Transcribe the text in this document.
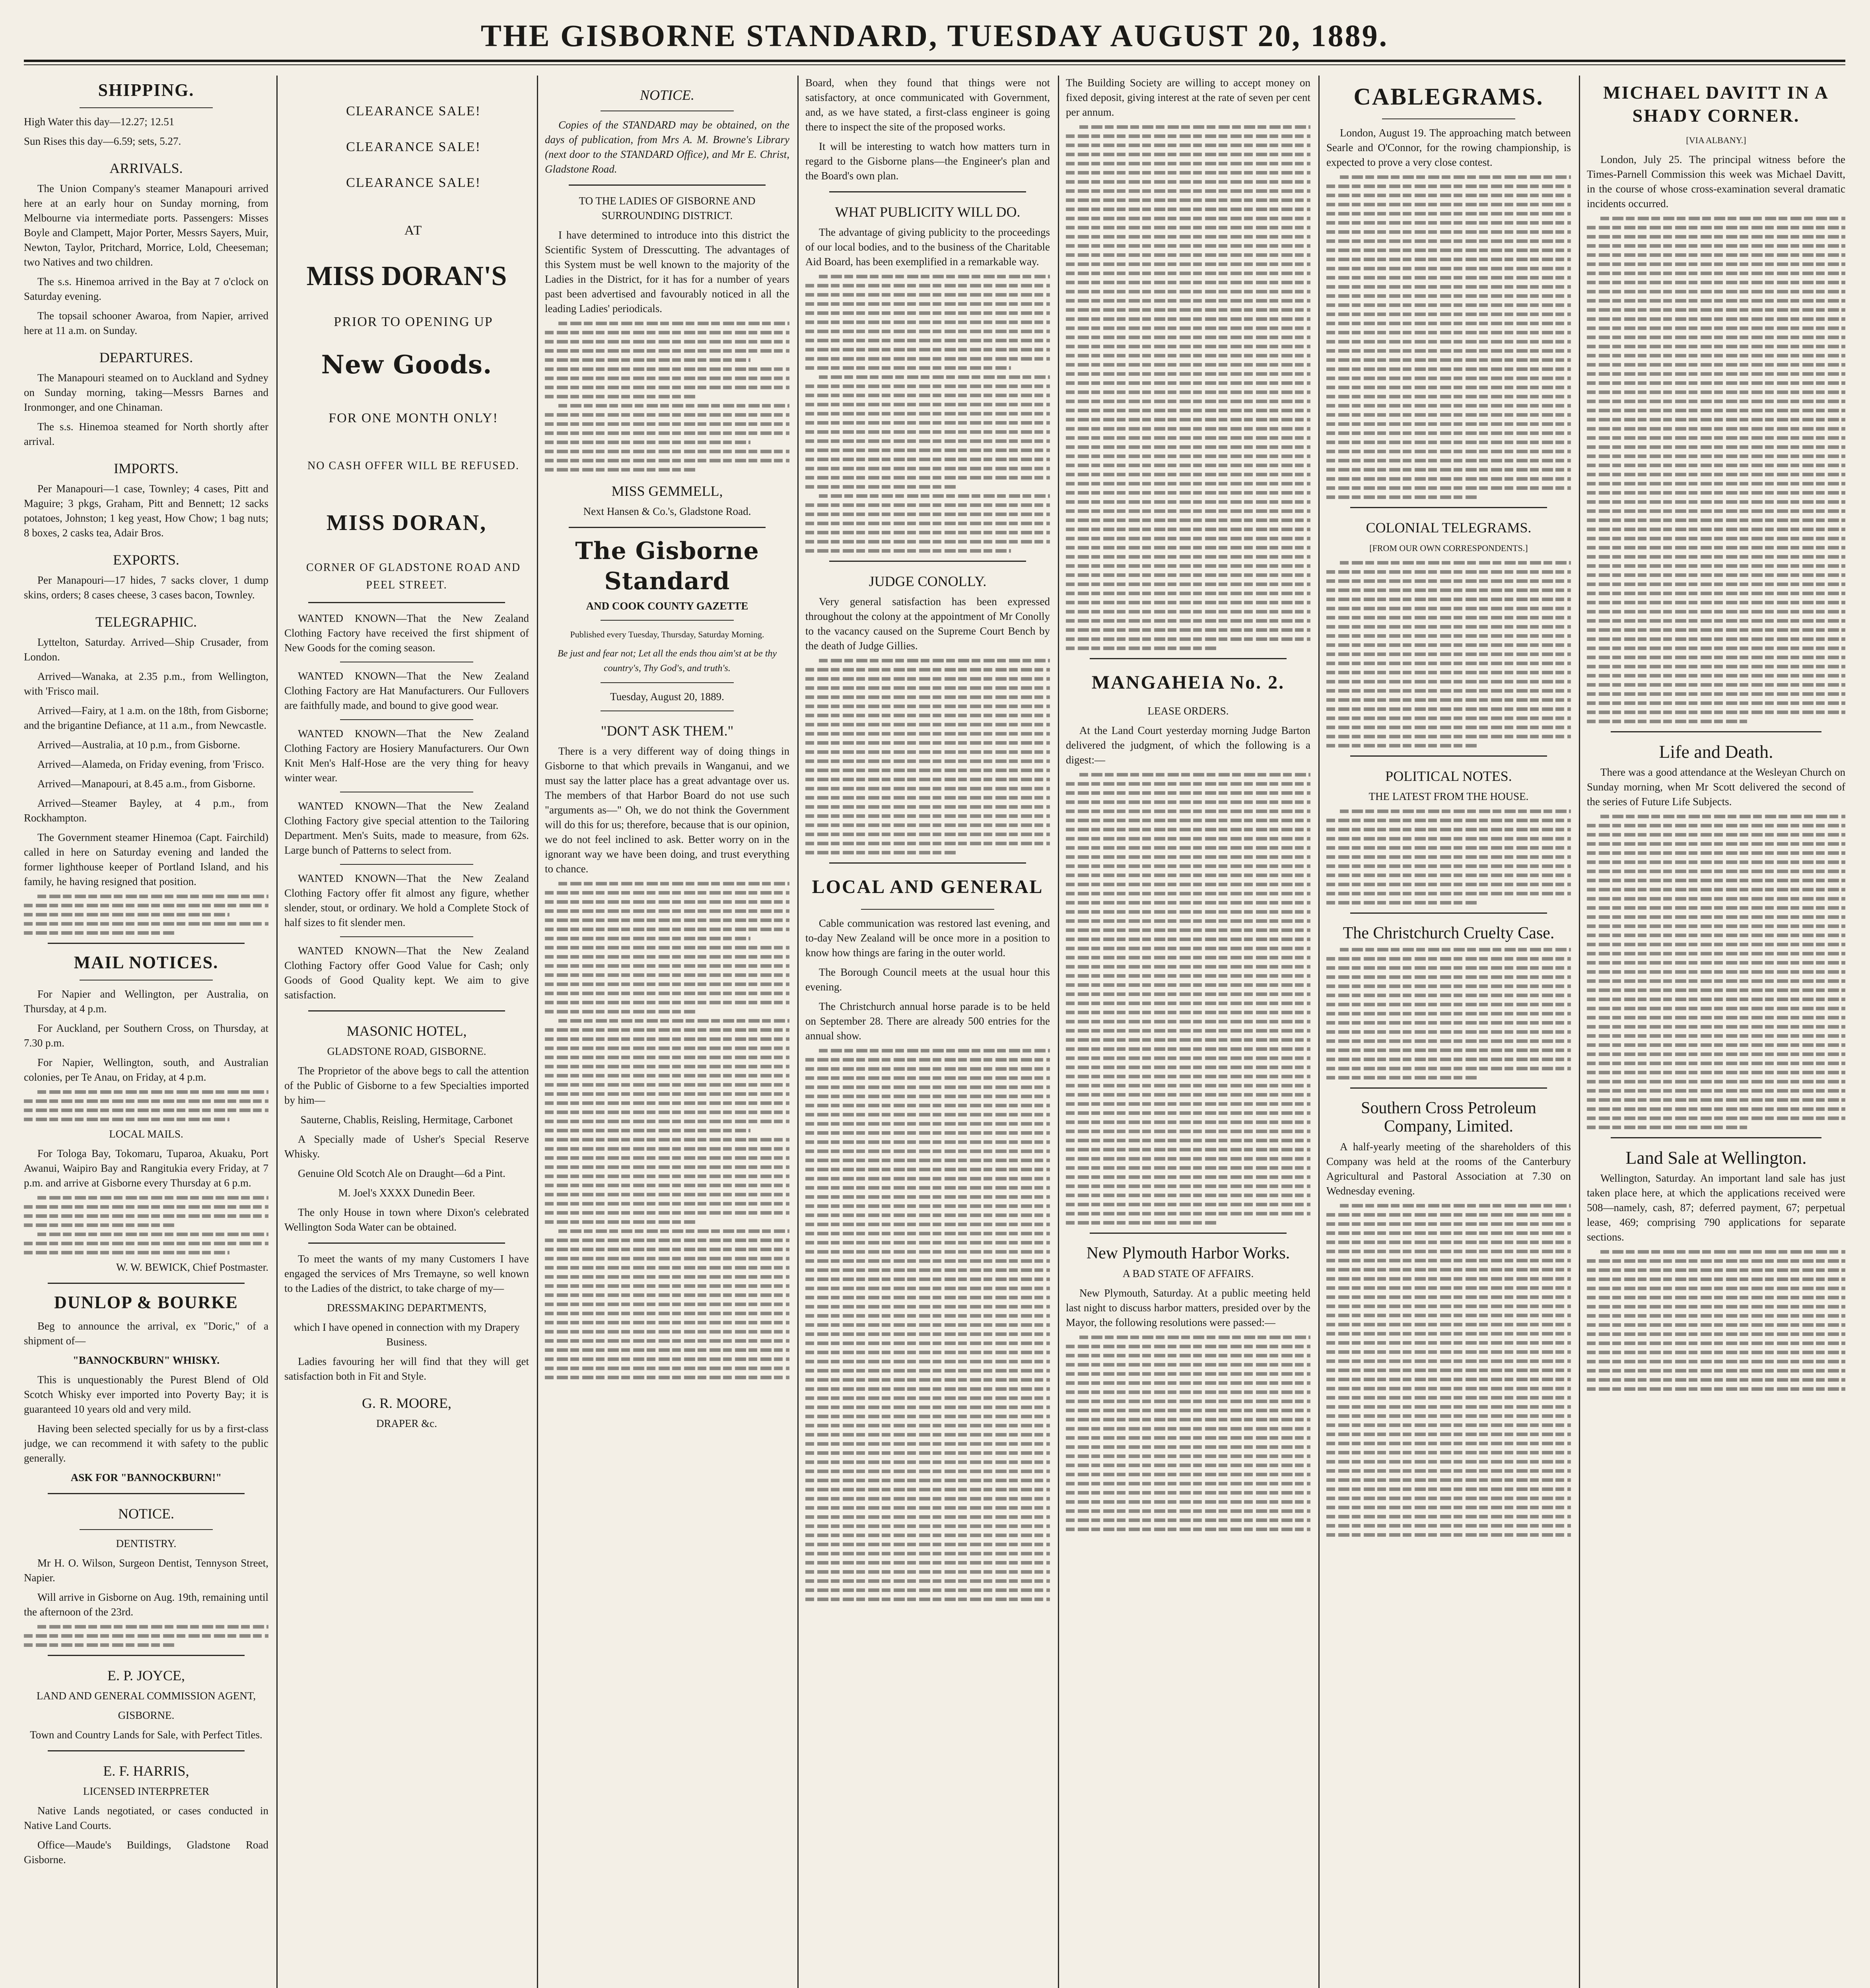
THE GISBORNE STANDARD, TUESDAY AUGUST 20, 1889.
SHIPPING.

High Water this day—12.27; 12.51

Sun Rises this day—6.59; sets, 5.27.

ARRIVALS.

The Union Company's steamer Manapouri arrived here at an early hour on Sunday morning, from Melbourne via intermediate ports. Passengers: Misses Boyle and Clampett, Major Porter, Messrs Sayers, Muir, Newton, Taylor, Pritchard, Morrice, Lold, Cheeseman; two Natives and two children.

The s.s. Hinemoa arrived in the Bay at 7 o'clock on Saturday evening.

The topsail schooner Awaroa, from Napier, arrived here at 11 a.m. on Sunday.

DEPARTURES.

The Manapouri steamed on to Auckland and Sydney on Sunday morning, taking—Messrs Barnes and Ironmonger, and one Chinaman.

The s.s. Hinemoa steamed for North shortly after arrival.

IMPORTS.

Per Manapouri—1 case, Townley; 4 cases, Pitt and Maguire; 3 pkgs, Graham, Pitt and Bennett; 12 sacks potatoes, Johnston; 1 keg yeast, How Chow; 1 bag nuts; 8 boxes, 2 casks tea, Adair Bros.

EXPORTS.

Per Manapouri—17 hides, 7 sacks clover, 1 dump skins, orders; 8 cases cheese, 3 cases bacon, Townley.

TELEGRAPHIC.

Lyttelton, Saturday. Arrived—Ship Crusader, from London.

Arrived—Wanaka, at 2.35 p.m., from Wellington, with 'Frisco mail.

Arrived—Fairy, at 1 a.m. on the 18th, from Gisborne; and the brigantine Defiance, at 11 a.m., from Newcastle.

Arrived—Australia, at 10 p.m., from Gisborne.

Arrived—Alameda, on Friday evening, from 'Frisco.

Arrived—Manapouri, at 8.45 a.m., from Gisborne.

Arrived—Steamer Bayley, at 4 p.m., from Rockhampton.

The Government steamer Hinemoa (Capt. Fairchild) called in here on Saturday evening and landed the former lighthouse keeper of Portland Island, and his family, he having resigned that position.

MAIL NOTICES.

For Napier and Wellington, per Australia, on Thursday, at 4 p.m.

For Auckland, per Southern Cross, on Thursday, at 7.30 p.m.

For Napier, Wellington, south, and Australian colonies, per Te Anau, on Friday, at 4 p.m.

LOCAL MAILS.

For Tologa Bay, Tokomaru, Tuparoa, Akuaku, Port Awanui, Waipiro Bay and Rangitukia every Friday, at 7 p.m. and arrive at Gisborne every Thursday at 6 p.m.

W. W. BEWICK, Chief Postmaster.

DUNLOP & BOURKE

Beg to announce the arrival, ex "Doric," of a shipment of—

"BANNOCKBURN" WHISKY.

This is unquestionably the Purest Blend of Old Scotch Whisky ever imported into Poverty Bay; it is guaranteed 10 years old and very mild.

Having been selected specially for us by a first-class judge, we can recommend it with safety to the public generally.

ASK FOR "BANNOCKBURN!"

NOTICE.

DENTISTRY.

Mr H. O. Wilson, Surgeon Dentist, Tennyson Street, Napier.

Will arrive in Gisborne on Aug. 19th, remaining until the afternoon of the 23rd.

E. P. JOYCE,

LAND AND GENERAL COMMISSION AGENT,

GISBORNE.

Town and Country Lands for Sale, with Perfect Titles.

E. F. HARRIS,

LICENSED INTERPRETER

Native Lands negotiated, or cases conducted in Native Land Courts.

Office—Maude's Buildings, Gladstone Road Gisborne.

CLEARANCE SALE!

CLEARANCE SALE!

CLEARANCE SALE!

AT

MISS DORAN'S

PRIOR TO OPENING UP

New Goods.

FOR ONE MONTH ONLY!

NO CASH OFFER WILL BE REFUSED.

MISS DORAN,

CORNER OF GLADSTONE ROAD AND PEEL STREET.

WANTED KNOWN—That the New Zealand Clothing Factory have received the first shipment of New Goods for the coming season.

WANTED KNOWN—That the New Zealand Clothing Factory are Hat Manufacturers. Our Fullovers are faithfully made, and bound to give good wear.

WANTED KNOWN—That the New Zealand Clothing Factory are Hosiery Manufacturers. Our Own Knit Men's Half-Hose are the very thing for heavy winter wear.

WANTED KNOWN—That the New Zealand Clothing Factory give special attention to the Tailoring Department. Men's Suits, made to measure, from 62s. Large bunch of Patterns to select from.

WANTED KNOWN—That the New Zealand Clothing Factory offer fit almost any figure, whether slender, stout, or ordinary. We hold a Complete Stock of half sizes to fit slender men.

WANTED KNOWN—That the New Zealand Clothing Factory offer Good Value for Cash; only Goods of Good Quality kept. We aim to give satisfaction.

MASONIC HOTEL,

GLADSTONE ROAD, GISBORNE.

The Proprietor of the above begs to call the attention of the Public of Gisborne to a few Specialties imported by him—

Sauterne, Chablis, Reisling, Hermitage, Carbonet

A Specially made of Usher's Special Reserve Whisky.

Genuine Old Scotch Ale on Draught—6d a Pint.

M. Joel's XXXX Dunedin Beer.

The only House in town where Dixon's celebrated Wellington Soda Water can be obtained.

To meet the wants of my many Customers I have engaged the services of Mrs Tremayne, so well known to the Ladies of the district, to take charge of my—

DRESSMAKING DEPARTMENTS,

which I have opened in connection with my Drapery Business.

Ladies favouring her will find that they will get satisfaction both in Fit and Style.

G. R. MOORE,

DRAPER &c.

NOTICE.

Copies of the STANDARD may be obtained, on the days of publication, from Mrs A. M. Browne's Library (next door to the STANDARD Office), and Mr E. Christ, Gladstone Road.

TO THE LADIES OF GISBORNE AND SURROUNDING DISTRICT.

I have determined to introduce into this district the Scientific System of Dresscutting. The advantages of this System must be well known to the majority of the Ladies in the District, for it has for a number of years past been advertised and favourably noticed in all the leading Ladies' periodicals.

MISS GEMMELL,

Next Hansen & Co.'s, Gladstone Road.

The Gisborne Standard

AND COOK COUNTY GAZETTE

Published every Tuesday, Thursday, Saturday Morning.

Be just and fear not; Let all the ends thou aim'st at be thy country's, Thy God's, and truth's.

Tuesday, August 20, 1889.

"DON'T ASK THEM."

There is a very different way of doing things in Gisborne to that which prevails in Wanganui, and we must say the latter place has a great advantage over us. The members of that Harbor Board do not use such "arguments as—" Oh, we do not think the Government will do this for us; therefore, because that is our opinion, we do not feel inclined to ask. Better worry on in the ignorant way we have been doing, and trust everything to chance.

Board, when they found that things were not satisfactory, at once communicated with Government, and, as we have stated, a first-class engineer is going there to inspect the site of the proposed works.

It will be interesting to watch how matters turn in regard to the Gisborne plans—the Engineer's plan and the Board's own plan.

WHAT PUBLICITY WILL DO.

The advantage of giving publicity to the proceedings of our local bodies, and to the business of the Charitable Aid Board, has been exemplified in a remarkable way.

JUDGE CONOLLY.

Very general satisfaction has been expressed throughout the colony at the appointment of Mr Conolly to the vacancy caused on the Supreme Court Bench by the death of Judge Gillies.

LOCAL AND GENERAL

Cable communication was restored last evening, and to-day New Zealand will be once more in a position to know how things are faring in the outer world.

The Borough Council meets at the usual hour this evening.

The Christchurch annual horse parade is to be held on September 28. There are already 500 entries for the annual show.

The Building Society are willing to accept money on fixed deposit, giving interest at the rate of seven per cent per annum.

MANGAHEIA No. 2.

LEASE ORDERS.

At the Land Court yesterday morning Judge Barton delivered the judgment, of which the following is a digest:—

New Plymouth Harbor Works.

A BAD STATE OF AFFAIRS.

New Plymouth, Saturday. At a public meeting held last night to discuss harbor matters, presided over by the Mayor, the following resolutions were passed:—

CABLEGRAMS.

London, August 19. The approaching match between Searle and O'Connor, for the rowing championship, is expected to prove a very close contest.

COLONIAL TELEGRAMS.

[FROM OUR OWN CORRESPONDENTS.]

POLITICAL NOTES.

THE LATEST FROM THE HOUSE.

The Christchurch Cruelty Case.
Southern Cross Petroleum Company, Limited.

A half-yearly meeting of the shareholders of this Company was held at the rooms of the Canterbury Agricultural and Pastoral Association at 7.30 on Wednesday evening.

MICHAEL DAVITT IN A SHADY CORNER.

[VIA ALBANY.]

London, July 25. The principal witness before the Times-Parnell Commission this week was Michael Davitt, in the course of whose cross-examination several dramatic incidents occurred.

Life and Death.

There was a good attendance at the Wesleyan Church on Sunday morning, when Mr Scott delivered the second of the series of Future Life Subjects.

Land Sale at Wellington.

Wellington, Saturday. An important land sale has just taken place here, at which the applications received were 508—namely, cash, 87; deferred payment, 67; perpetual lease, 469; comprising 790 applications for separate sections.
